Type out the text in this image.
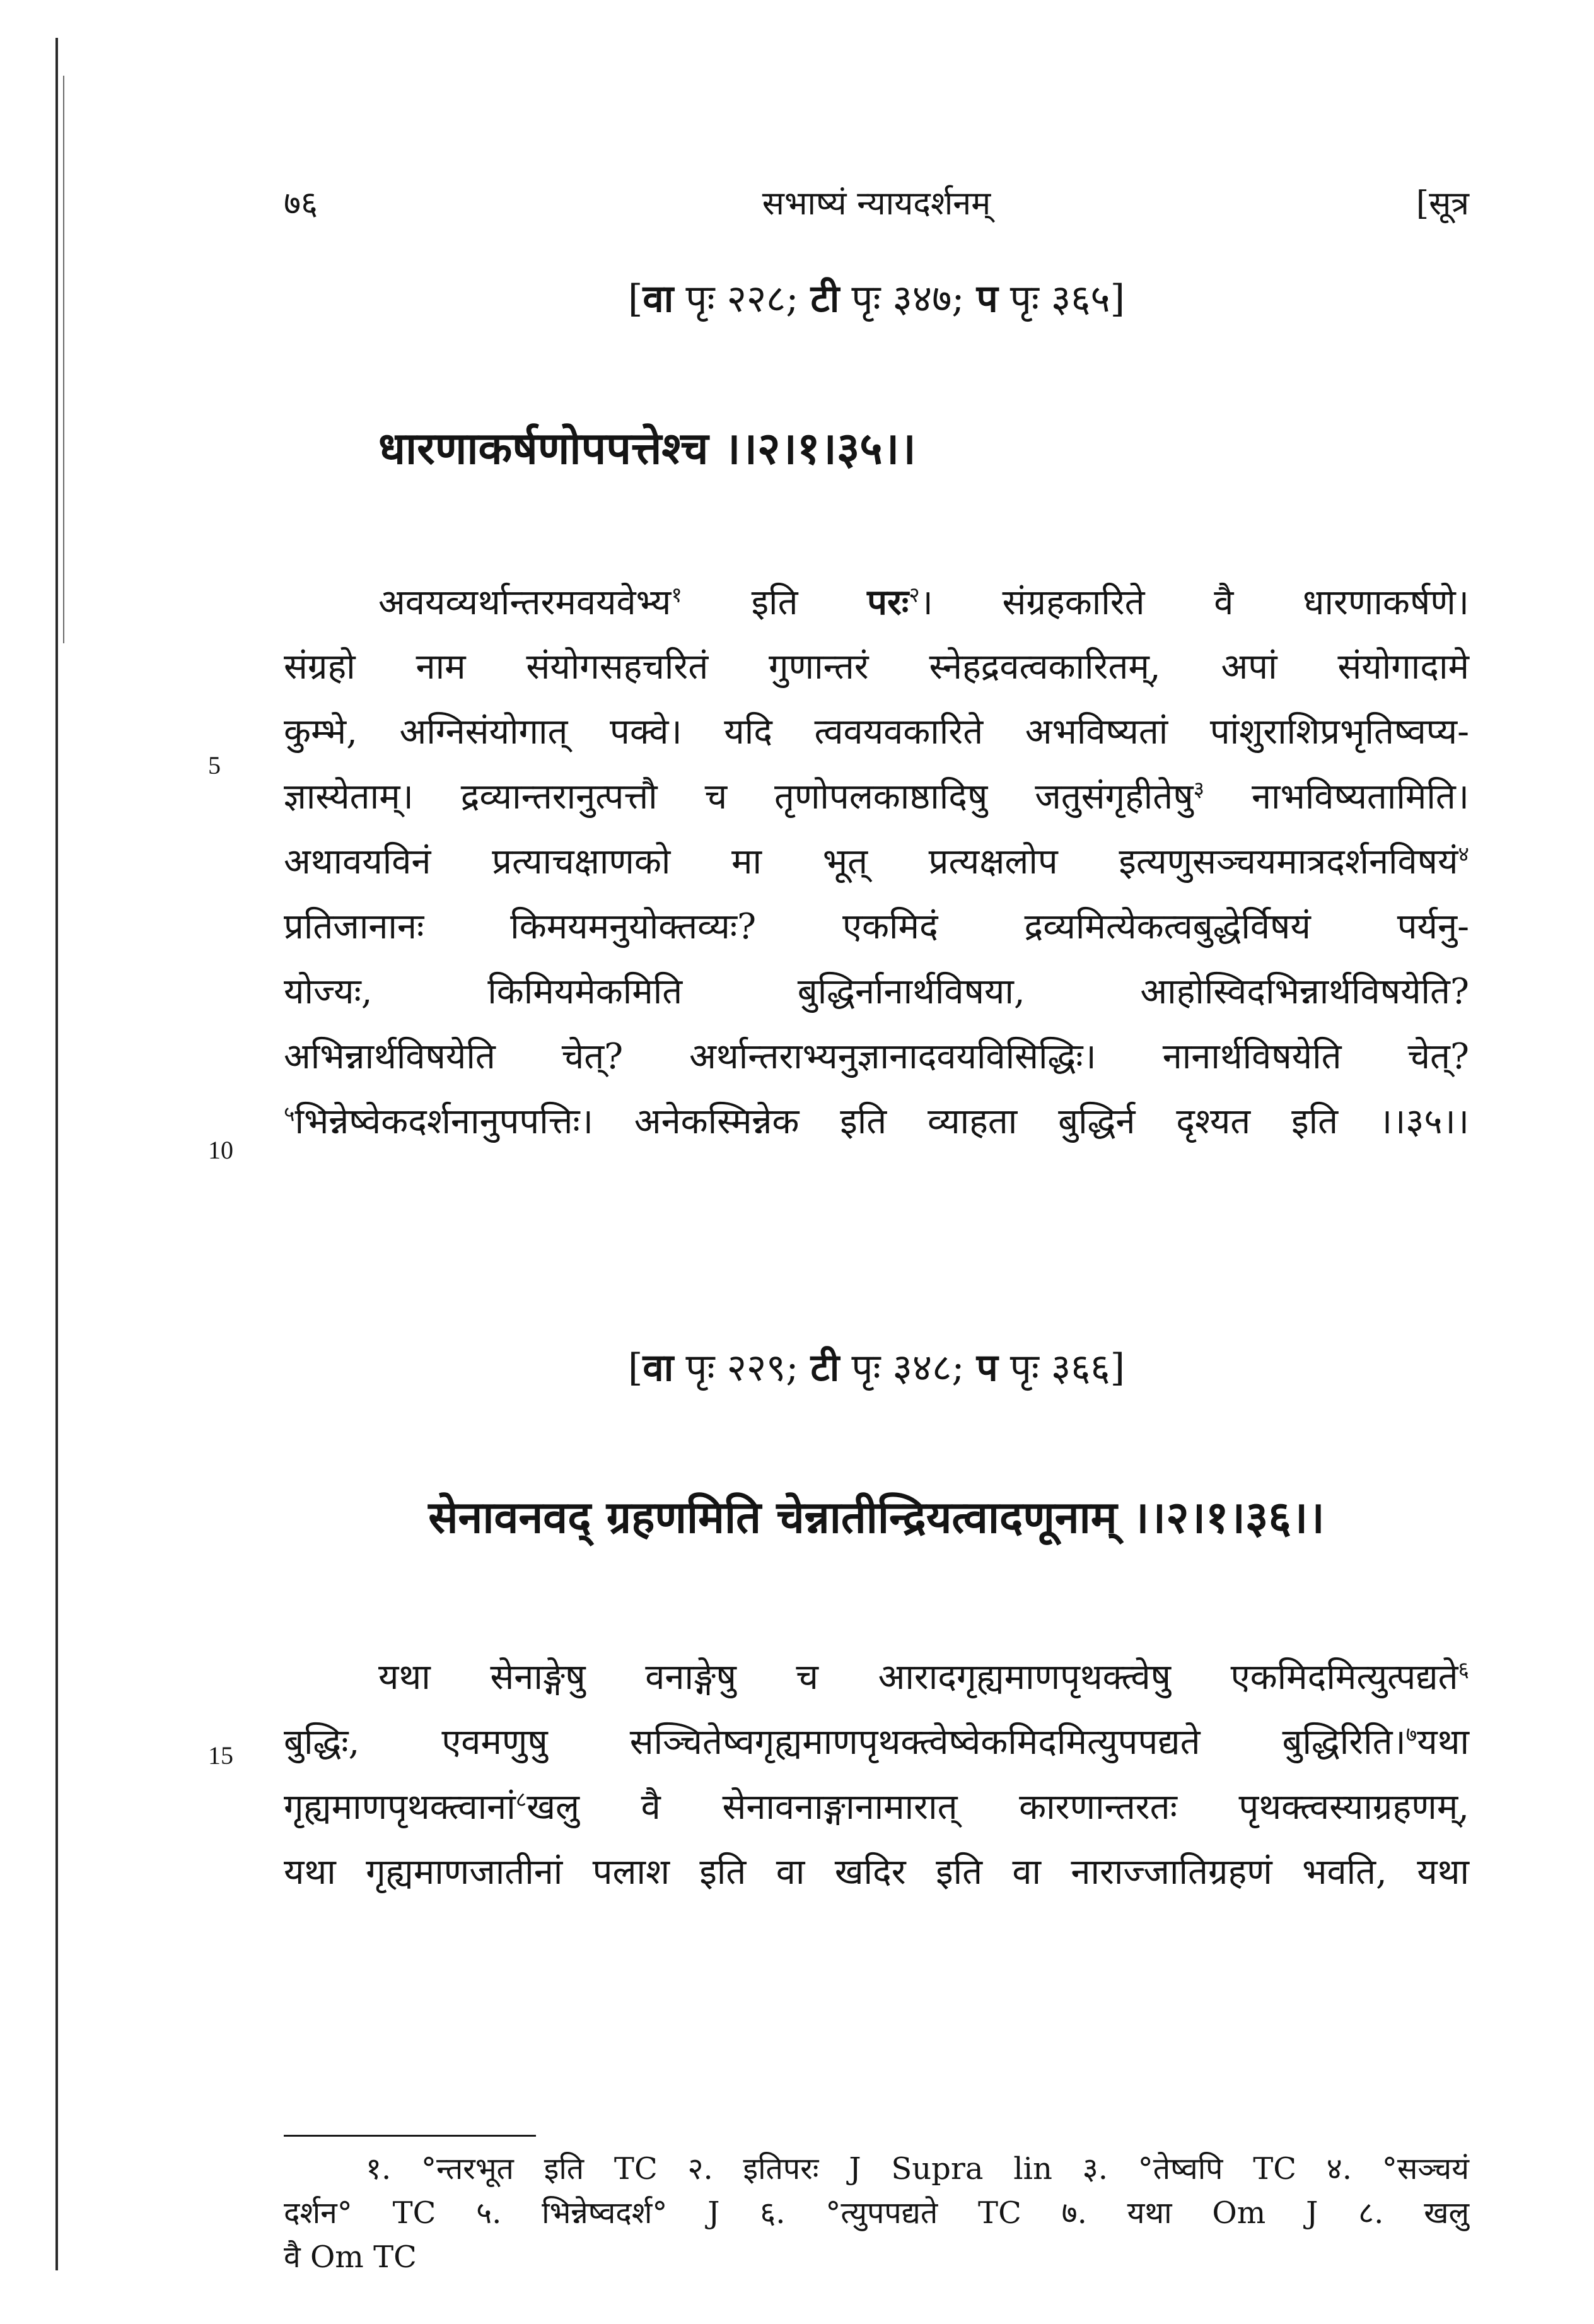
७६	सभाष्यं न्यायदर्शनम्	[सूत्र
[वा पृः २२८; टी पृः ३४७; प पृः ३६५]
धारणाकर्षणोपपत्तेश्च ।।२।१।३५।।
अवयव्यर्थान्तरमवयवेभ्य$^१$ इति परः$^२$। संग्रहकारिते वै धारणाकर्षणे।
संग्रहो नाम संयोगसहचरितं गुणान्तरं स्नेहद्रवत्वकारितम्, अपां संयोगादामे
कुम्भे, अग्निसंयोगात् पक्वे। यदि त्ववयवकारिते अभविष्यतां पांशुराशिप्रभृतिष्वप्य-
ज्ञास्येताम्। द्रव्यान्तरानुत्पत्तौ च तृणोपलकाष्ठादिषु जतुसंगृहीतेषु$^३$ नाभविष्यतामिति।
अथावयविनं प्रत्याचक्षाणको मा भूत् प्रत्यक्षलोप इत्यणुसञ्चयमात्रदर्शनविषयं$^४$
प्रतिजानानः किमयमनुयोक्तव्यः? एकमिदं द्रव्यमित्येकत्वबुद्धेर्विषयं पर्यनु-
योज्यः, किमियमेकमिति बुद्धिर्नानार्थविषया, आहोस्विदभिन्नार्थविषयेति?
अभिन्नार्थविषयेति चेत्? अर्थान्तराभ्यनुज्ञानादवयविसिद्धिः। नानार्थविषयेति चेत्?
$^५$भिन्नेष्वेकदर्शनानुपपत्तिः। अनेकस्मिन्नेक इति व्याहता बुद्धिर्न दृश्यत इति ।।३५।।
5
10
[वा पृः २२९; टी पृः ३४८; प पृः ३६६]
सेनावनवद् ग्रहणमिति चेन्नातीन्द्रियत्वादणूनाम् ।।२।१।३६।।
यथा सेनाङ्गेषु वनाङ्गेषु च आरादगृह्यमाणपृथक्त्वेषु एकमिदमित्युत्पद्यते$^६$
बुद्धिः, एवमणुषु सञ्चितेष्वगृह्यमाणपृथक्त्वेष्वेकमिदमित्युपपद्यते बुद्धिरिति।$^७$यथा
गृह्यमाणपृथक्त्वानां$^८$खलु वै सेनावनाङ्गानामारात् कारणान्तरतः पृथक्त्वस्याग्रहणम्,
यथा गृह्यमाणजातीनां पलाश इति वा खदिर इति वा नाराज्जातिग्रहणं भवति, यथा
15
१. °न्तरभूत इति TC २. इतिपरः J Supra lin ३. °तेष्वपि TC ४. °सञ्चयं
दर्शन° TC ५. भिन्नेष्वदर्श° J ६. °त्युपपद्यते TC ७. यथा Om J ८. खलु
वै Om TC
